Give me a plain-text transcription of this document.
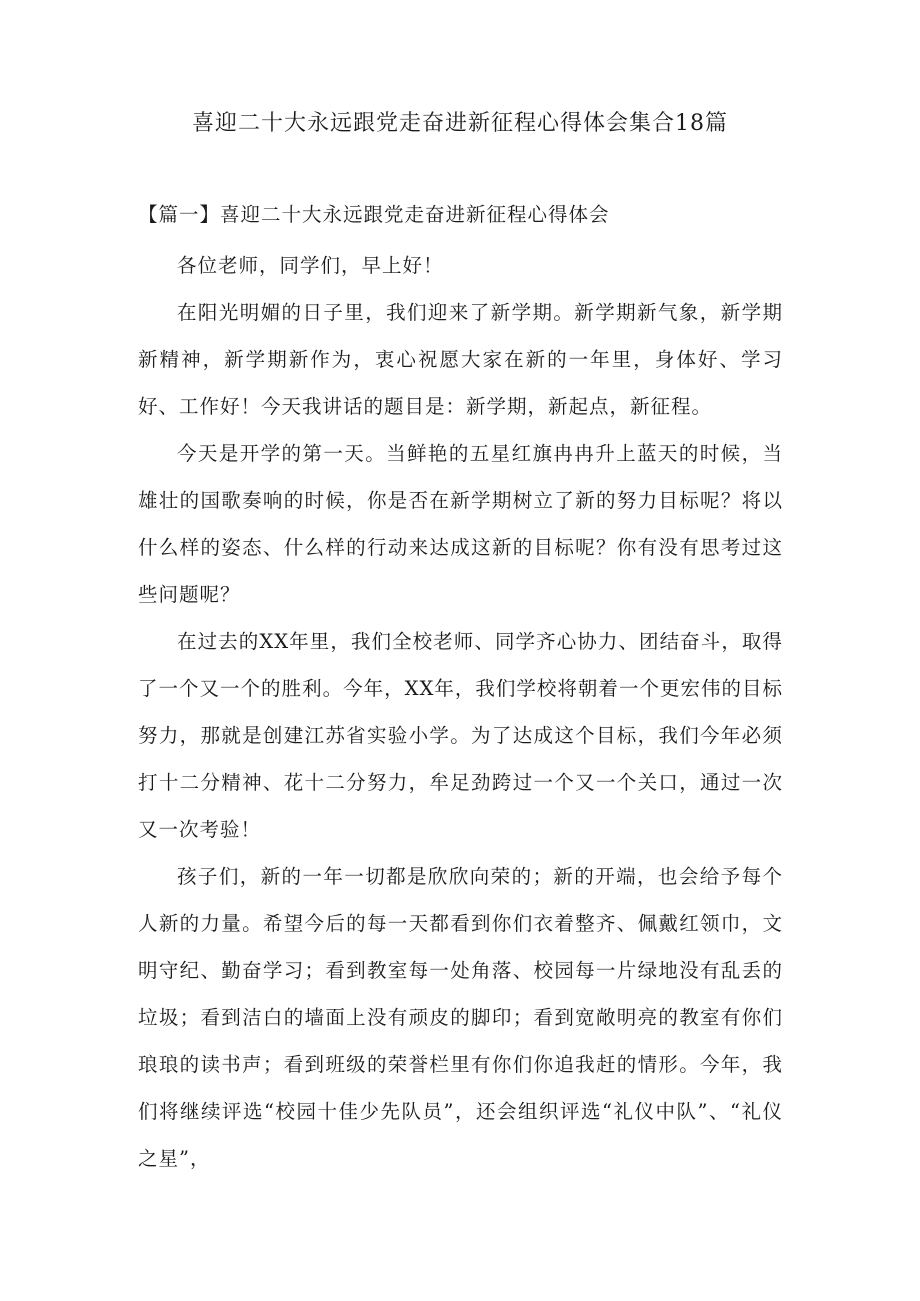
喜迎二十大永远跟党走奋进新征程心得体会集合18篇
【篇一】喜迎二十大永远跟党走奋进新征程心得体会

各位老师，同学们，早上好！

在阳光明媚的日子里，我们迎来了新学期。新学期新气象，新学期新精神，新学期新作为，衷心祝愿大家在新的一年里，身体好、学习好、工作好！今天我讲话的题目是：新学期，新起点，新征程。

今天是开学的第一天。当鲜艳的五星红旗冉冉升上蓝天的时候，当雄壮的国歌奏响的时候，你是否在新学期树立了新的努力目标呢？将以什么样的姿态、什么样的行动来达成这新的目标呢？你有没有思考过这些问题呢？

在过去的XX年里，我们全校老师、同学齐心协力、团结奋斗，取得了一个又一个的胜利。今年，XX年，我们学校将朝着一个更宏伟的目标努力，那就是创建江苏省实验小学。为了达成这个目标，我们今年必须打十二分精神、花十二分努力，牟足劲跨过一个又一个关口，通过一次又一次考验！

孩子们，新的一年一切都是欣欣向荣的；新的开端，也会给予每个人新的力量。希望今后的每一天都看到你们衣着整齐、佩戴红领巾，文明守纪、勤奋学习；看到教室每一处角落、校园每一片绿地没有乱丢的垃圾；看到洁白的墙面上没有顽皮的脚印；看到宽敞明亮的教室有你们琅琅的读书声；看到班级的荣誉栏里有你们你追我赶的情形。今年，我们将继续评选“校园十佳少先队员”，还会组织评选“礼仪中队”、“礼仪之星”，
